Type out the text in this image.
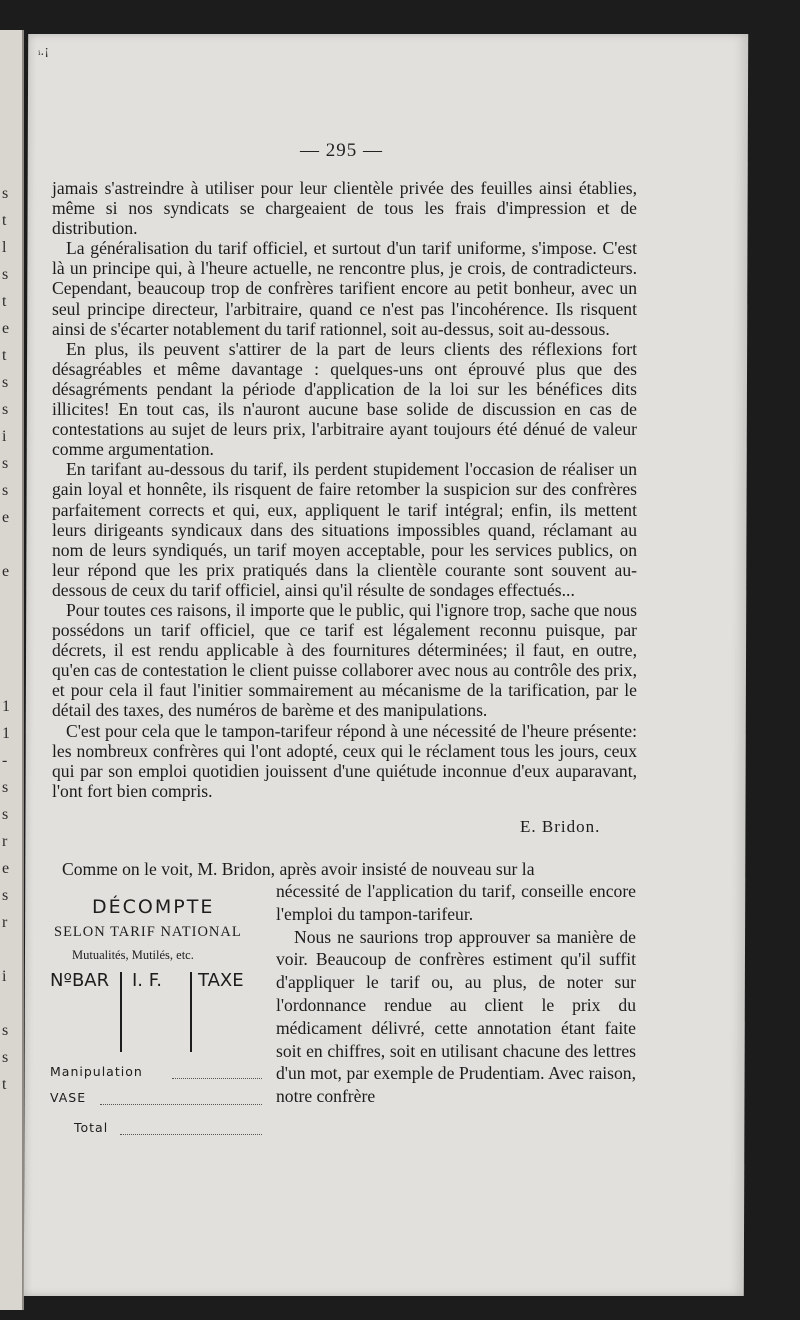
s
t
l
s
t
e
t
s
s
i
s
s
e

e

1
1
-
s
s
r
e
s
r

i

s
s
t
ᵢ.¡
— 295 —

jamais s'astreindre à utiliser pour leur clientèle privée des feuilles ainsi établies, même si nos syndicats se chargeaient de tous les frais d'impression et de distribution.

La généralisation du tarif officiel, et surtout d'un tarif uniforme, s'impose. C'est là un principe qui, à l'heure actuelle, ne rencontre plus, je crois, de contradicteurs. Cependant, beaucoup trop de confrères tarifient encore au petit bonheur, avec un seul principe directeur, l'arbitraire, quand ce n'est pas l'incohérence. Ils risquent ainsi de s'écarter notablement du tarif rationnel, soit au-dessus, soit au-dessous.

En plus, ils peuvent s'attirer de la part de leurs clients des réflexions fort désagréables et même davantage : quelques-uns ont éprouvé plus que des désagréments pendant la période d'application de la loi sur les bénéfices dits illicites! En tout cas, ils n'auront aucune base solide de discussion en cas de contestations au sujet de leurs prix, l'arbitraire ayant toujours été dénué de valeur comme argumentation.

En tarifant au-dessous du tarif, ils perdent stupidement l'occasion de réaliser un gain loyal et honnête, ils risquent de faire retomber la suspicion sur des confrères parfaitement corrects et qui, eux, appliquent le tarif intégral; enfin, ils mettent leurs dirigeants syndicaux dans des situations impossibles quand, réclamant au nom de leurs syndiqués, un tarif moyen acceptable, pour les services publics, on leur répond que les prix pratiqués dans la clientèle courante sont souvent au-dessous de ceux du tarif officiel, ainsi qu'il résulte de sondages effectués...

Pour toutes ces raisons, il importe que le public, qui l'ignore trop, sache que nous possédons un tarif officiel, que ce tarif est légalement reconnu puisque, par décrets, il est rendu applicable à des fournitures déterminées; il faut, en outre, qu'en cas de contestation le client puisse collaborer avec nous au contrôle des prix, et pour cela il faut l'initier sommairement au mécanisme de la tarification, par le détail des taxes, des numéros de barème et des manipulations.

C'est pour cela que le tampon-tarifeur répond à une nécessité de l'heure présente: les nombreux confrères qui l'ont adopté, ceux qui le réclament tous les jours, ceux qui par son emploi quotidien jouissent d'une quiétude inconnue d'eux auparavant, l'ont fort bien compris.

E. Bridon.
Comme on le voit, M. Bridon, après avoir insisté de nouveau sur la
DÉCOMPTE
SELON TARIF NATIONAL
Mutualités, Mutilés, etc.
NºBAR I. F. TAXE
Manipulation
VASE
Total

nécessité de l'application du tarif, conseille encore l'emploi du tampon-tarifeur.

Nous ne saurions trop approuver sa manière de voir. Beaucoup de confrères estiment qu'il suffit d'appliquer le tarif ou, au plus, de noter sur l'ordonnance rendue au client le prix du médicament délivré, cette annotation étant faite soit en chiffres, soit en utilisant chacune des lettres d'un mot, par exemple de Prudentiam. Avec raison, notre confrère
